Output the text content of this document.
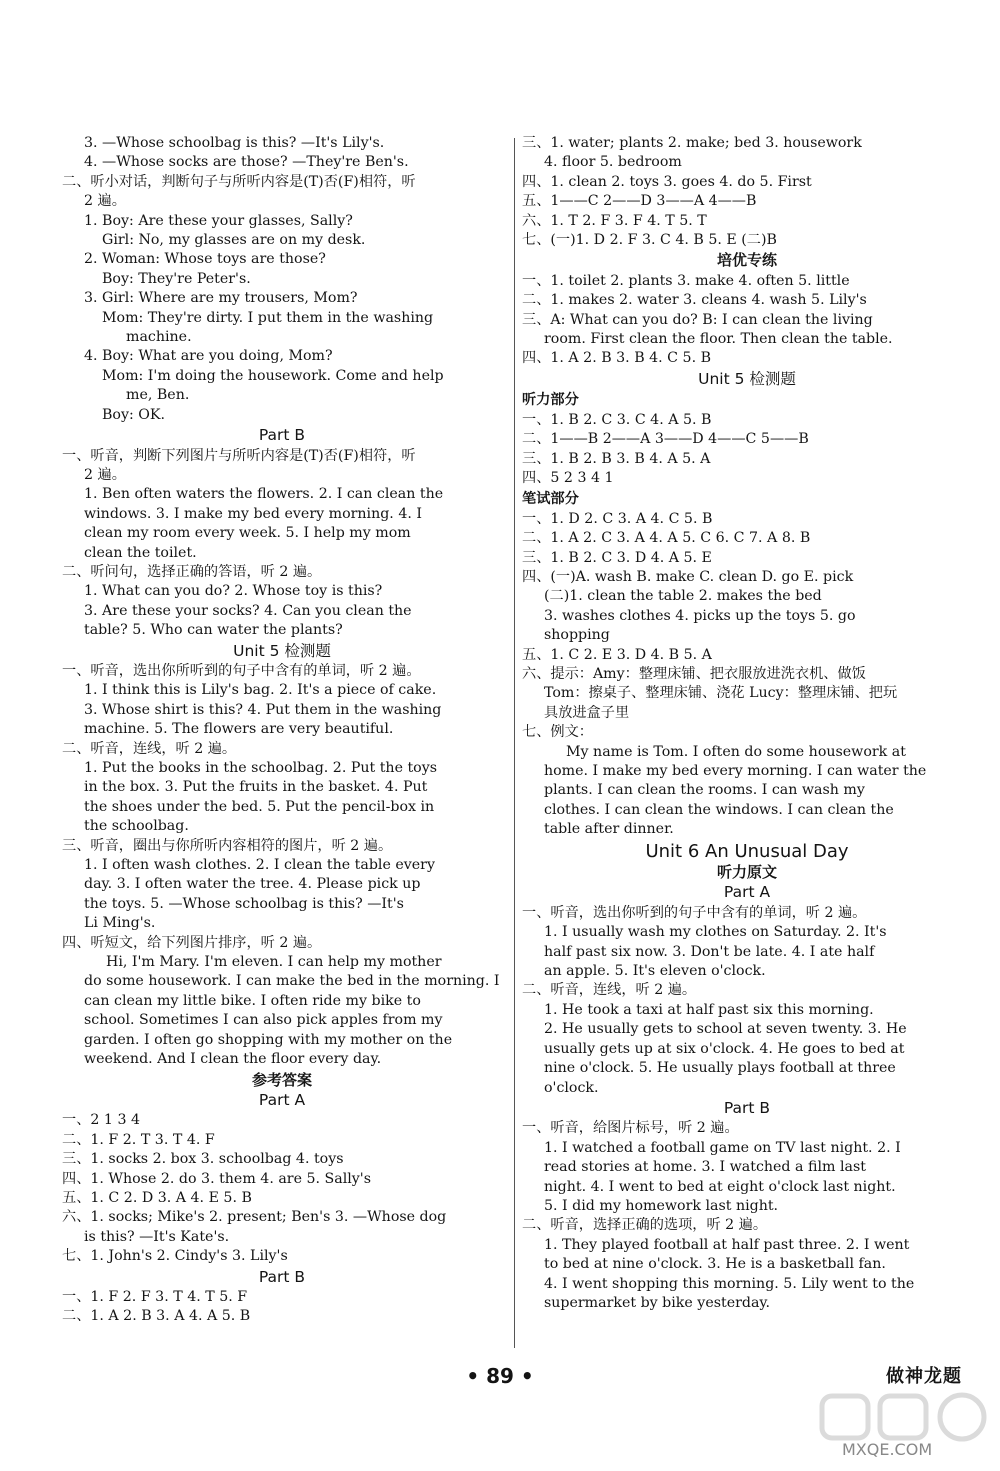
3. —Whose schoolbag is this? —It's Lily's.
4. —Whose socks are those? —They're Ben's.
二、听小对话，判断句子与所听内容是(T)否(F)相符，听
2 遍。
1. Boy: Are these your glasses, Sally?
Girl: No, my glasses are on my desk.
2. Woman: Whose toys are those?
Boy: They're Peter's.
3. Girl: Where are my trousers, Mom?
Mom: They're dirty. I put them in the washing
machine.
4. Boy: What are you doing, Mom?
Mom: I'm doing the housework. Come and help
me, Ben.
Boy: OK.
Part B
一、听音，判断下列图片与所听内容是(T)否(F)相符，听
2 遍。
1. Ben often waters the flowers. 2. I can clean the
windows. 3. I make my bed every morning. 4. I
clean my room every week. 5. I help my mom
clean the toilet.
二、听问句，选择正确的答语，听 2 遍。
1. What can you do? 2. Whose toy is this?
3. Are these your socks? 4. Can you clean the
table? 5. Who can water the plants?
Unit 5 检测题
一、听音，选出你所听到的句子中含有的单词，听 2 遍。
1. I think this is Lily's bag. 2. It's a piece of cake.
3. Whose shirt is this? 4. Put them in the washing
machine. 5. The flowers are very beautiful.
二、听音，连线，听 2 遍。
1. Put the books in the schoolbag. 2. Put the toys
in the box. 3. Put the fruits in the basket. 4. Put
the shoes under the bed. 5. Put the pencil-box in
the schoolbag.
三、听音，圈出与你所听内容相符的图片，听 2 遍。
1. I often wash clothes. 2. I clean the table every
day. 3. I often water the tree. 4. Please pick up
the toys. 5. —Whose schoolbag is this? —It's
Li Ming's.
四、听短文，给下列图片排序，听 2 遍。
Hi, I'm Mary. I'm eleven. I can help my mother
do some housework. I can make the bed in the morning. I
can clean my little bike. I often ride my bike to
school. Sometimes I can also pick apples from my
garden. I often go shopping with my mother on the
weekend. And I clean the floor every day.
参考答案
Part A
一、2 1 3 4
二、1. F 2. T 3. T 4. F
三、1. socks 2. box 3. schoolbag 4. toys
四、1. Whose 2. do 3. them 4. are 5. Sally's
五、1. C 2. D 3. A 4. E 5. B
六、1. socks; Mike's 2. present; Ben's 3. —Whose dog
is this? —It's Kate's.
七、1. John's 2. Cindy's 3. Lily's
Part B
一、1. F 2. F 3. T 4. T 5. F
二、1. A 2. B 3. A 4. A 5. B
三、1. water; plants 2. make; bed 3. housework
4. floor 5. bedroom
四、1. clean 2. toys 3. goes 4. do 5. First
五、1——C 2——D 3——A 4——B
六、1. T 2. F 3. F 4. T 5. T
七、(一)1. D 2. F 3. C 4. B 5. E (二)B
培优专练
一、1. toilet 2. plants 3. make 4. often 5. little
二、1. makes 2. water 3. cleans 4. wash 5. Lily's
三、A: What can you do? B: I can clean the living
room. First clean the floor. Then clean the table.
四、1. A 2. B 3. B 4. C 5. B
Unit 5 检测题
听力部分
一、1. B 2. C 3. C 4. A 5. B
二、1——B 2——A 3——D 4——C 5——B
三、1. B 2. B 3. B 4. A 5. A
四、5 2 3 4 1
笔试部分
一、1. D 2. C 3. A 4. C 5. B
二、1. A 2. C 3. A 4. A 5. C 6. C 7. A 8. B
三、1. B 2. C 3. D 4. A 5. E
四、(一)A. wash B. make C. clean D. go E. pick
(二)1. clean the table 2. makes the bed
3. washes clothes 4. picks up the toys 5. go
shopping
五、1. C 2. E 3. D 4. B 5. A
六、提示：Amy：整理床铺、把衣服放进洗衣机、做饭
Tom：擦桌子、整理床铺、浇花 Lucy：整理床铺、把玩
具放进盒子里
七、例文：
My name is Tom. I often do some housework at
home. I make my bed every morning. I can water the
plants. I can clean the rooms. I can wash my
clothes. I can clean the windows. I can clean the
table after dinner.
Unit 6 An Unusual Day
听力原文
Part A
一、听音，选出你听到的句子中含有的单词，听 2 遍。
1. I usually wash my clothes on Saturday. 2. It's
half past six now. 3. Don't be late. 4. I ate half
an apple. 5. It's eleven o'clock.
二、听音，连线，听 2 遍。
1. He took a taxi at half past six this morning.
2. He usually gets to school at seven twenty. 3. He
usually gets up at six o'clock. 4. He goes to bed at
nine o'clock. 5. He usually plays football at three
o'clock.
Part B
一、听音，给图片标号，听 2 遍。
1. I watched a football game on TV last night. 2. I
read stories at home. 3. I watched a film last
night. 4. I went to bed at eight o'clock last night.
5. I did my homework last night.
二、听音，选择正确的选项，听 2 遍。
1. They played football at half past three. 2. I went
to bed at nine o'clock. 3. He is a basketball fan.
4. I went shopping this morning. 5. Lily went to the
supermarket by bike yesterday.
• 89 •	做神龙题
MXQE.COM
